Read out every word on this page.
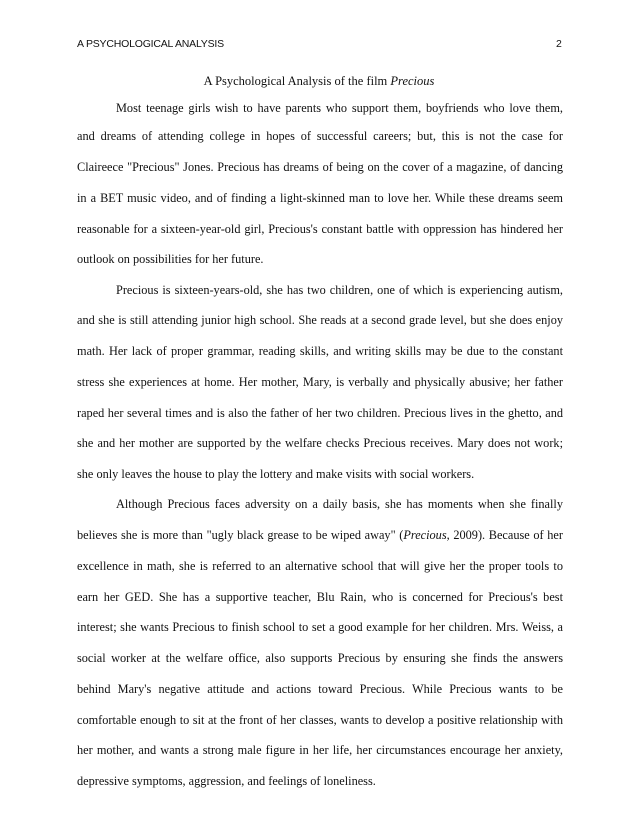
A PSYCHOLOGICAL ANALYSIS	2
A Psychological Analysis of the film Precious
Most teenage girls wish to have parents who support them, boyfriends who love them,
and dreams of attending college in hopes of successful careers; but, this is not the case for
Claireece "Precious" Jones. Precious has dreams of being on the cover of a magazine, of dancing
in a BET music video, and of finding a light-skinned man to love her. While these dreams seem
reasonable for a sixteen-year-old girl, Precious's constant battle with oppression has hindered her
outlook on possibilities for her future.
Precious is sixteen-years-old, she has two children, one of which is experiencing autism,
and she is still attending junior high school. She reads at a second grade level, but she does enjoy
math. Her lack of proper grammar, reading skills, and writing skills may be due to the constant
stress she experiences at home. Her mother, Mary, is verbally and physically abusive; her father
raped her several times and is also the father of her two children. Precious lives in the ghetto, and
she and her mother are supported by the welfare checks Precious receives. Mary does not work;
she only leaves the house to play the lottery and make visits with social workers.
Although Precious faces adversity on a daily basis, she has moments when she finally
believes she is more than "ugly black grease to be wiped away" (Precious, 2009). Because of her
excellence in math, she is referred to an alternative school that will give her the proper tools to
earn her GED. She has a supportive teacher, Blu Rain, who is concerned for Precious's best
interest; she wants Precious to finish school to set a good example for her children. Mrs. Weiss, a
social worker at the welfare office, also supports Precious by ensuring she finds the answers
behind Mary's negative attitude and actions toward Precious. While Precious wants to be
comfortable enough to sit at the front of her classes, wants to develop a positive relationship with
her mother, and wants a strong male figure in her life, her circumstances encourage her anxiety,
depressive symptoms, aggression, and feelings of loneliness.
